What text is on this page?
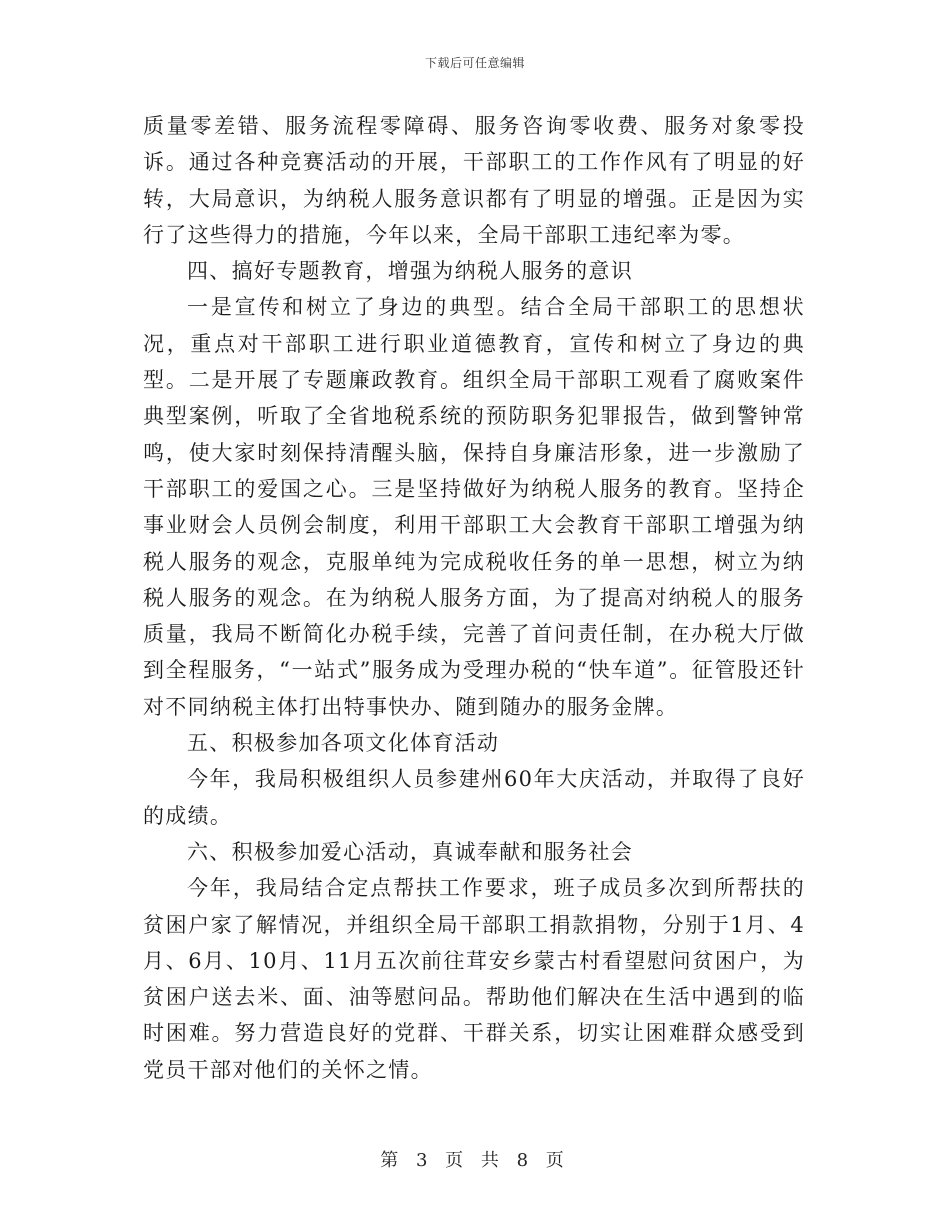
下载后可任意编辑

质量零差错、服务流程零障碍、服务咨询零收费、服务对象零投诉。通过各种竞赛活动的开展，干部职工的工作作风有了明显的好转，大局意识，为纳税人服务意识都有了明显的增强。正是因为实行了这些得力的措施，今年以来，全局干部职工违纪率为零。

四、搞好专题教育，增强为纳税人服务的意识

一是宣传和树立了身边的典型。结合全局干部职工的思想状况，重点对干部职工进行职业道德教育，宣传和树立了身边的典型。二是开展了专题廉政教育。组织全局干部职工观看了腐败案件典型案例，听取了全省地税系统的预防职务犯罪报告，做到警钟常鸣，使大家时刻保持清醒头脑，保持自身廉洁形象，进一步激励了干部职工的爱国之心。三是坚持做好为纳税人服务的教育。坚持企事业财会人员例会制度，利用干部职工大会教育干部职工增强为纳税人服务的观念，克服单纯为完成税收任务的单一思想，树立为纳税人服务的观念。在为纳税人服务方面，为了提高对纳税人的服务质量，我局不断简化办税手续，完善了首问责任制，在办税大厅做到全程服务，“一站式”服务成为受理办税的“快车道”。征管股还针对不同纳税主体打出特事快办、随到随办的服务金牌。

五、积极参加各项文化体育活动

今年，我局积极组织人员参建州60年大庆活动，并取得了良好的成绩。

六、积极参加爱心活动，真诚奉献和服务社会

今年，我局结合定点帮扶工作要求，班子成员多次到所帮扶的贫困户家了解情况，并组织全局干部职工捐款捐物，分别于1月、4月、6月、10月、11月五次前往茸安乡蒙古村看望慰问贫困户，为贫困户送去米、面、油等慰问品。帮助他们解决在生活中遇到的临时困难。努力营造良好的党群、干群关系，切实让困难群众感受到党员干部对他们的关怀之情。

第 3 页 共 8 页
